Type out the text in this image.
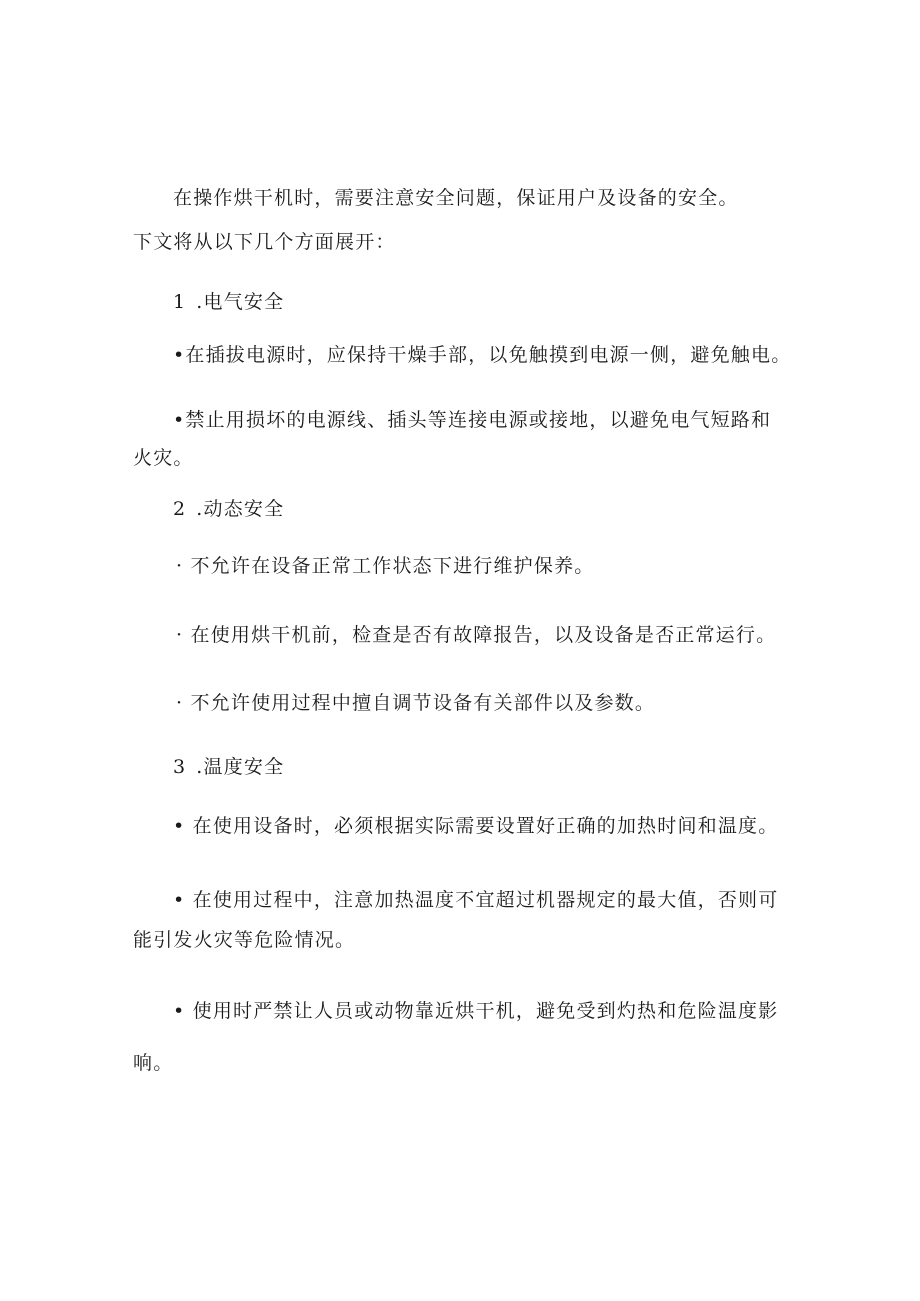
在操作烘干机时，需要注意安全问题，保证用户及设备的安全。
下文将从以下几个方面展开：
1 .电气安全
•在插拔电源时，应保持干燥手部，以免触摸到电源一侧，避免触电。
•禁止用损坏的电源线、插头等连接电源或接地，以避免电气短路和火灾。
2 .动态安全
· 不允许在设备正常工作状态下进行维护保养。
· 在使用烘干机前，检查是否有故障报告，以及设备是否正常运行。
· 不允许使用过程中擅自调节设备有关部件以及参数。
3 .温度安全
• 在使用设备时，必须根据实际需要设置好正确的加热时间和温度。
• 在使用过程中，注意加热温度不宜超过机器规定的最大值，否则可能引发火灾等危险情况。
• 使用时严禁让人员或动物靠近烘干机，避免受到灼热和危险温度影响。
